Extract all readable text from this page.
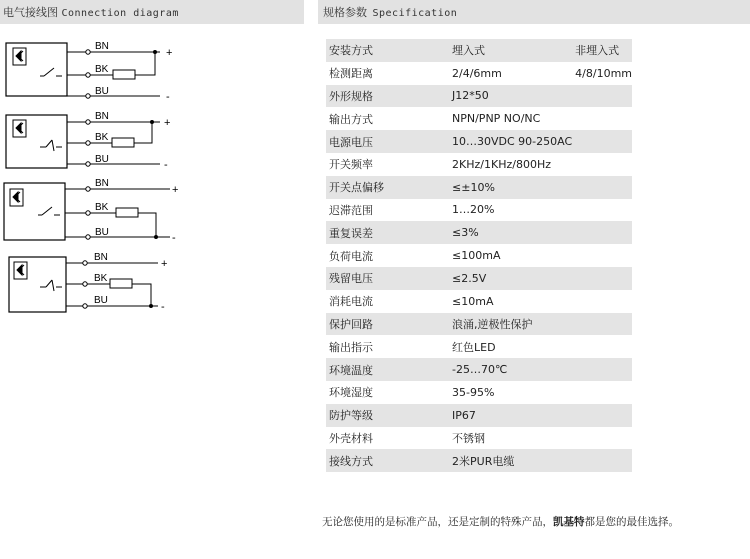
电气接线图 Connection diagram	规格参数 Specification
BN
BK
BU
+
-
BN
BK
BU
+
-
BN
BK
BU
+
-
BN
BK
BU
+
-
安装方式	埋入式	非埋入式
检测距离	2/4/6mm	4/8/10mm
外形规格	J12*50	
输出方式	NPN/PNP NO/NC	
电源电压	10…30VDC 90-250AC	
开关频率	2KHz/1KHz/800Hz	
开关点偏移	≤±10%	
迟滞范围	1…20%	
重复误差	≤3%	
负荷电流	≤100mA	
残留电压	≤2.5V	
消耗电流	≤10mA	
保护回路	浪涌,逆极性保护	
输出指示	红色LED	
环境温度	-25…70℃	
环境湿度	35-95%	
防护等级	IP67	
外壳材料	不锈钢	
接线方式	2米PUR电缆	
无论您使用的是标准产品，还是定制的特殊产品，凯基特都是您的最佳选择。
